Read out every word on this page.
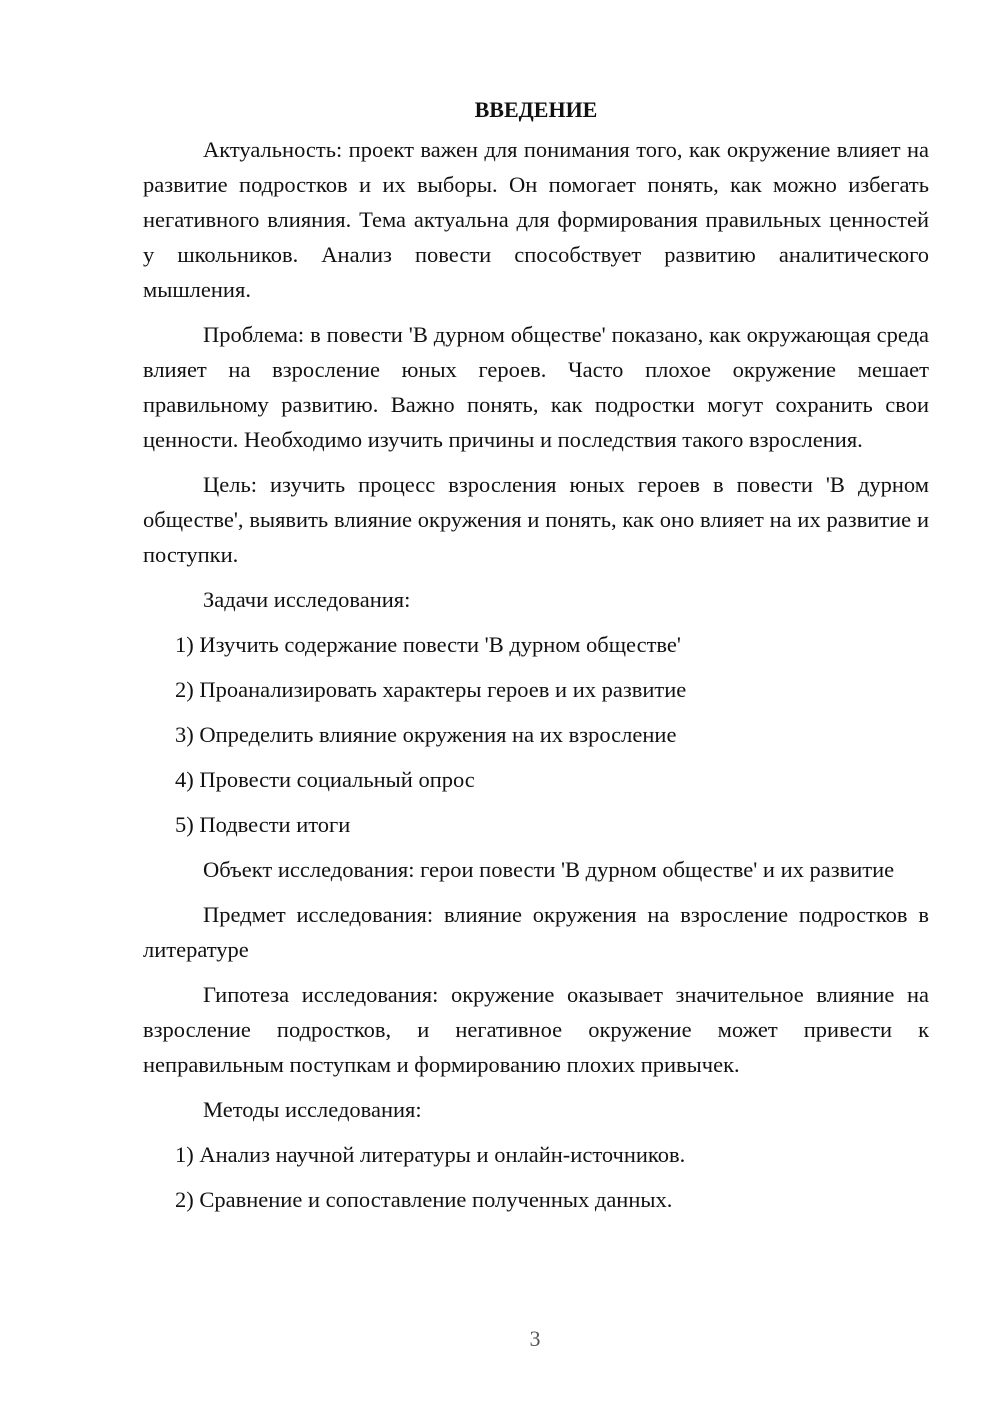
ВВЕДЕНИЕ

Актуальность: проект важен для понимания того, как окружение влияет на развитие подростков и их выборы. Он помогает понять, как можно избегать негативного влияния. Тема актуальна для формирования правильных ценностей у школьников. Анализ повести способствует развитию аналитического мышления.

Проблема: в повести 'В дурном обществе' показано, как окружающая среда влияет на взросление юных героев. Часто плохое окружение мешает правильному развитию. Важно понять, как подростки могут сохранить свои ценности. Необходимо изучить причины и последствия такого взросления.

Цель: изучить процесс взросления юных героев в повести 'В дурном обществе', выявить влияние окружения и понять, как оно влияет на их развитие и поступки.

Задачи исследования:

1) Изучить содержание повести 'В дурном обществе'
2) Проанализировать характеры героев и их развитие
3) Определить влияние окружения на их взросление
4) Провести социальный опрос
5) Подвести итоги

Объект исследования: герои повести 'В дурном обществе' и их развитие

Предмет исследования: влияние окружения на взросление подростков в литературе

Гипотеза исследования: окружение оказывает значительное влияние на взросление подростков, и негативное окружение может привести к неправильным поступкам и формированию плохих привычек.

Методы исследования:

1) Анализ научной литературы и онлайн-источников.
2) Сравнение и сопоставление полученных данных.
3
